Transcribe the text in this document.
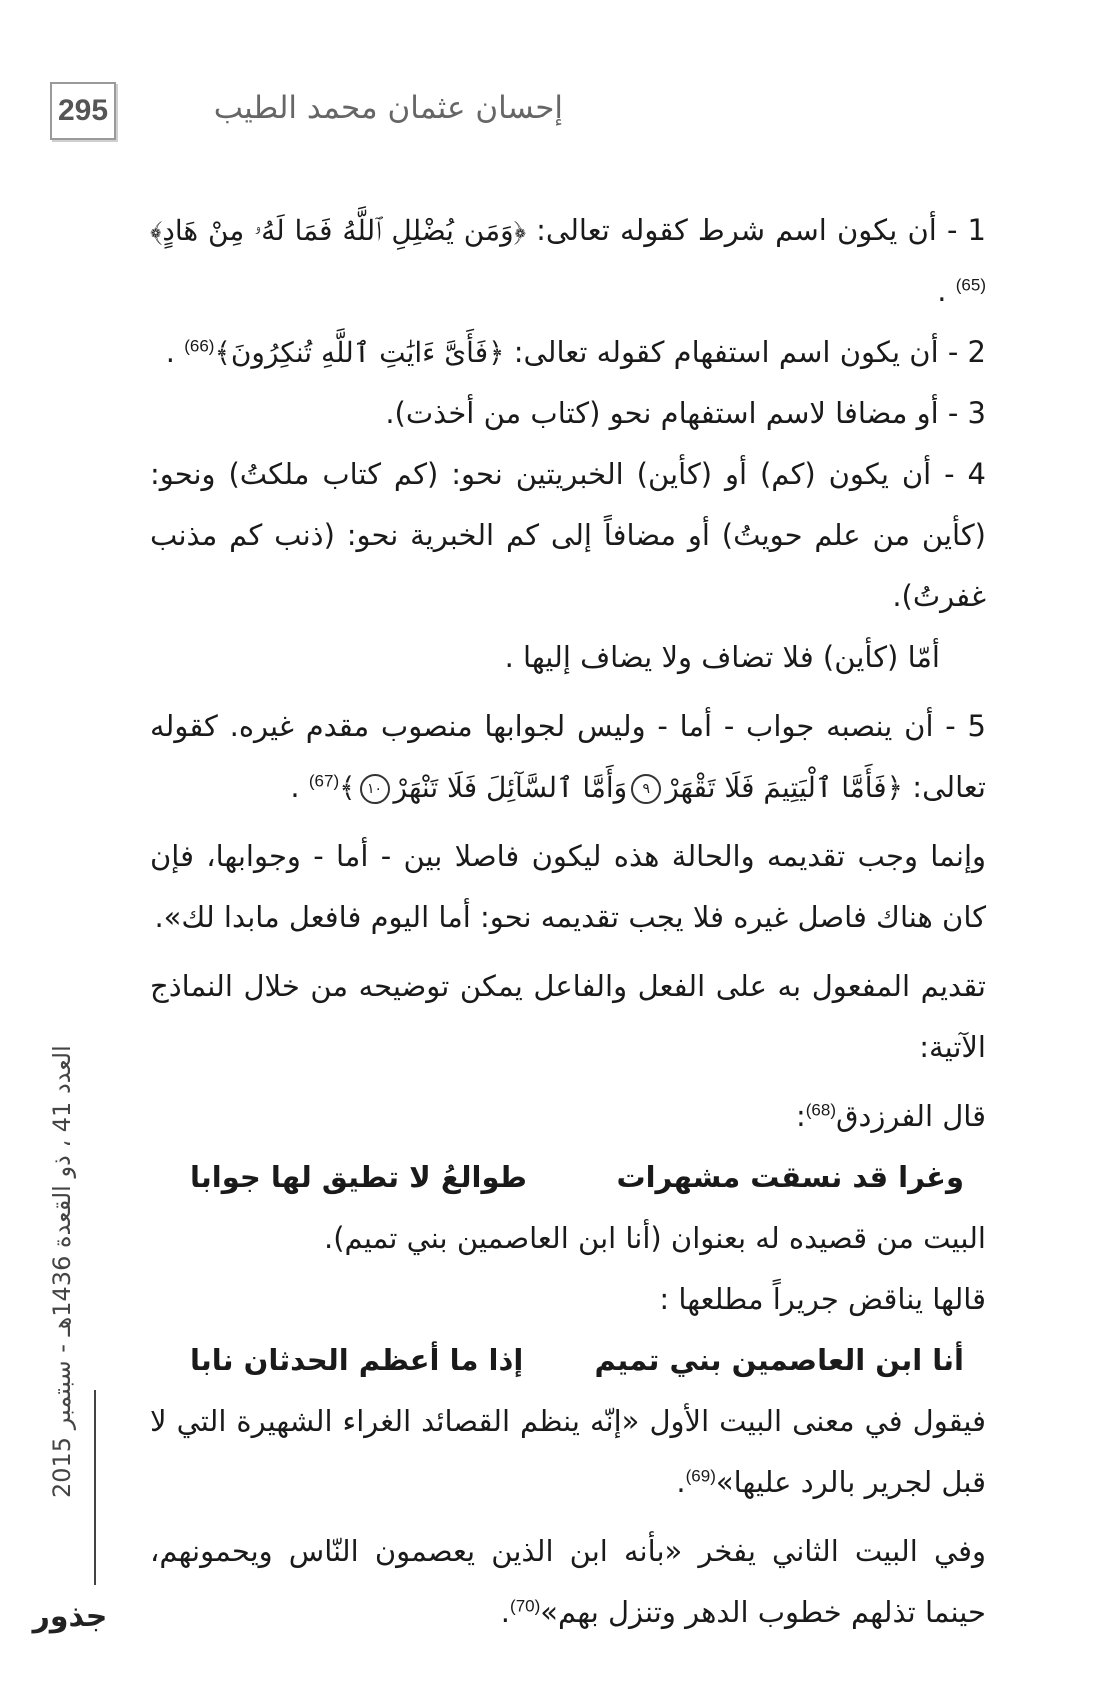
295	إحسان عثمان محمد الطيب
العدد 41 ، ذو القعدة 1436هـ - سبتمبر 2015
جذور

1 - أن يكون اسم شرط كقوله تعالى: ﴿وَمَن يُضْلِلِ ٱللَّهُ فَمَا لَهُۥ مِنْ هَادٍ﴾$^{(65)}$ .

2 - أن يكون اسم استفهام كقوله تعالى: ﴿فَأَىَّ ءَايَٰتِ ٱللَّهِ تُنكِرُونَ﴾$^{(66)}$ .

3 - أو مضافا لاسم استفهام نحو (كتاب من أخذت).

4 - أن يكون (كم) أو (كأين) الخبريتين نحو: (كم كتاب ملكتُ) ونحو: (كأين من علم حويتُ) أو مضافاً إلى كم الخبرية نحو: (ذنب كم مذنب غفرتُ).

أمّا (كأين) فلا تضاف ولا يضاف إليها .

5 - أن ينصبه جواب - أما - وليس لجوابها منصوب مقدم غيره. كقوله تعالى: ﴿فَأَمَّا ٱلْيَتِيمَ فَلَا تَقْهَرْ٩وَأَمَّا ٱلسَّآئِلَ فَلَا تَنْهَرْ١٠﴾$^{(67)}$ .

وإنما وجب تقديمه والحالة هذه ليكون فاصلا بين - أما - وجوابها، فإن كان هناك فاصل غيره فلا يجب تقديمه نحو: أما اليوم فافعل مابدا لك».

تقديم المفعول به على الفعل والفاعل يمكن توضيحه من خلال النماذج الآتية:

قال الفرزدق$^{(68)}$:

وغرا قد نسقت مشهرات
طوالعُ لا تطيق لها جوابا

البيت من قصيده له بعنوان (أنا ابن العاصمين بني تميم).

قالها يناقض جريراً مطلعها :

أنا ابن العاصمين بني تميم
إذا ما أعظم الحدثان نابا

فيقول في معنى البيت الأول «إنّه ينظم القصائد الغراء الشهيرة التي لا قبل لجرير بالرد عليها»$^{(69)}$.

وفي البيت الثاني يفخر «بأنه ابن الذين يعصمون النّاس ويحمونهم، حينما تذلهم خطوب الدهر وتنزل بهم»$^{(70)}$.
